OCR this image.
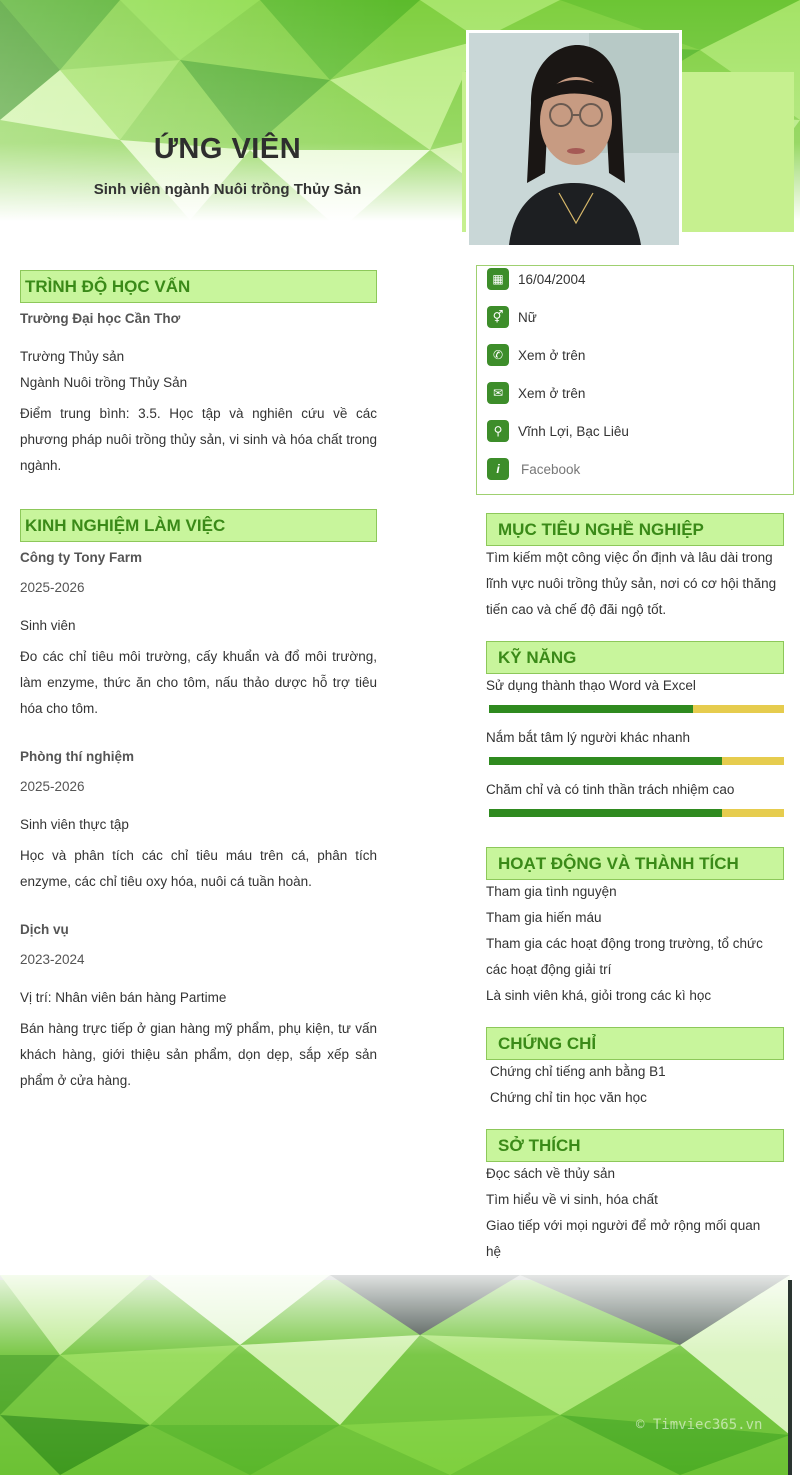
ỨNG VIÊN
Sinh viên ngành Nuôi trồng Thủy Sản
▦	16/04/2004
⚥	Nữ
✆	Xem ở trên
✉	Xem ở trên
⚲	Vĩnh Lợi, Bạc Liêu
i	Facebook
TRÌNH ĐỘ HỌC VẤN
Trường Đại học Cần Thơ
Trường Thủy sản
Ngành Nuôi trồng Thủy Sản
Điểm trung bình: 3.5. Học tập và nghiên cứu về các phương pháp nuôi trồng thủy sản, vi sinh và hóa chất trong ngành.
KINH NGHIỆM LÀM VIỆC
Công ty Tony Farm
2025-2026
Sinh viên
Đo các chỉ tiêu môi trường, cấy khuẩn và đổ môi trường, làm enzyme, thức ăn cho tôm, nấu thảo dược hỗ trợ tiêu hóa cho tôm.
Phòng thí nghiệm
2025-2026
Sinh viên thực tập
Học và phân tích các chỉ tiêu máu trên cá, phân tích enzyme, các chỉ tiêu oxy hóa, nuôi cá tuần hoàn.
Dịch vụ
2023-2024
Vị trí: Nhân viên bán hàng Partime
Bán hàng trực tiếp ở gian hàng mỹ phẩm, phụ kiện, tư vấn khách hàng, giới thiệu sản phẩm, dọn dẹp, sắp xếp sản phẩm ở cửa hàng.
MỤC TIÊU NGHỀ NGHIỆP
Tìm kiếm một công việc ổn định và lâu dài trong lĩnh vực nuôi trồng thủy sản, nơi có cơ hội thăng tiến cao và chế độ đãi ngộ tốt.
KỸ NĂNG
Sử dụng thành thạo Word và Excel
Nắm bắt tâm lý người khác nhanh
Chăm chỉ và có tinh thần trách nhiệm cao
HOẠT ĐỘNG VÀ THÀNH TÍCH
Tham gia tình nguyện
Tham gia hiến máu
Tham gia các hoạt động trong trường, tổ chức các hoạt động giải trí
Là sinh viên khá, giỏi trong các kì học
CHỨNG CHỈ
Chứng chỉ tiếng anh bằng B1
Chứng chỉ tin học văn học
SỞ THÍCH
Đọc sách về thủy sản
Tìm hiểu về vi sinh, hóa chất
Giao tiếp với mọi người để mở rộng mối quan hệ
© Timviec365.vn
